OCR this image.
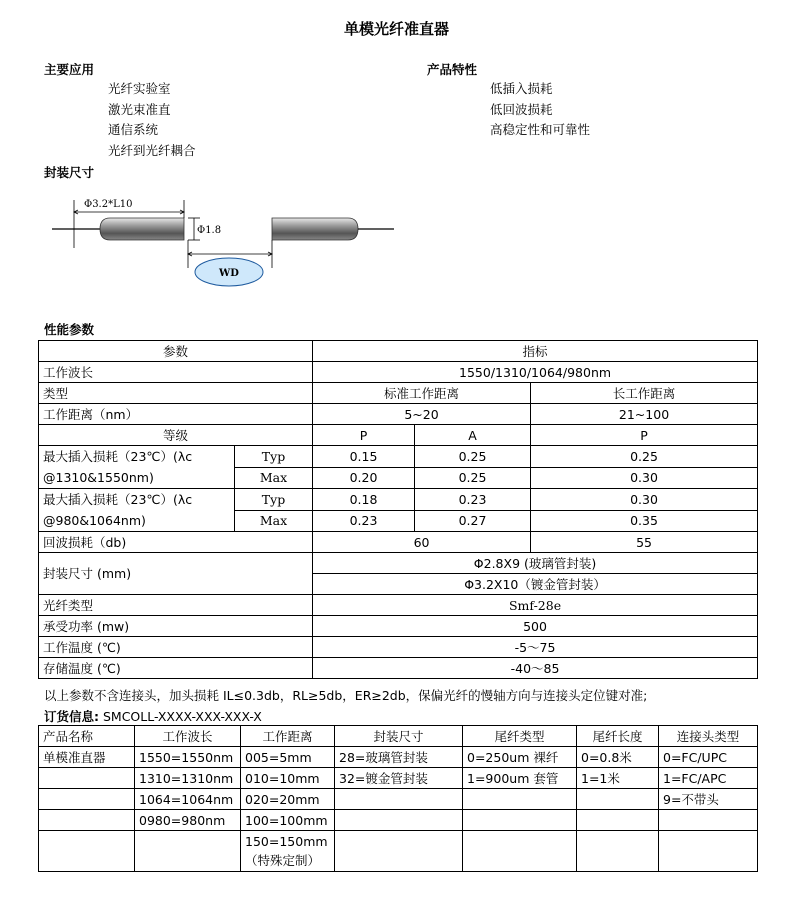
单模光纤准直器
主要应用
光纤实验室
激光束准直
通信系统
光纤到光纤耦合
产品特性
低插入损耗
低回波损耗
高稳定性和可靠性
封装尺寸
Φ3.2*L10
Φ1.8
WD
性能参数
参数		指标		
工作波长		1550/1310/1064/980nm		
类型		标准工作距离		长工作距离
工作距离（nm）		5~20		21~100
等级		P	A	P
最大插入损耗（23℃）(λc	Typ	0.15	0.25	0.25
@1310&1550nm)	Max	0.20	0.25	0.30
最大插入损耗（23℃）(λc	Typ	0.18	0.23	0.30
@980&1064nm)	Max	0.23	0.27	0.35
回波损耗（db)		60		55
封装尺寸 (mm)		Φ2.8X9 (玻璃管封装)		
		Φ3.2X10（镀金管封装）		
光纤类型		Smf-28e		
承受功率 (mw)		500		
工作温度 (℃)		-5～75		
存储温度 (℃)		-40～85		
以上参数不含连接头，加头损耗 IL≤0.3db，RL≥5db，ER≥2db，保偏光纤的慢轴方向与连接头定位键对准;
订货信息: SMCOLL-XXXX-XXX-XXX-X
产品名称	工作波长	工作距离	封装尺寸	尾纤类型	尾纤长度	连接头类型
单模准直器	1550=1550nm	005=5mm	28=玻璃管封装	0=250um 裸纤	0=0.8米	0=FC/UPC
	1310=1310nm	010=10mm	32=镀金管封装	1=900um 套管	1=1米	1=FC/APC
	1064=1064nm	020=20mm				9=不带头
	0980=980nm	100=100mm				

		150=150mm
（特殊定制）				
